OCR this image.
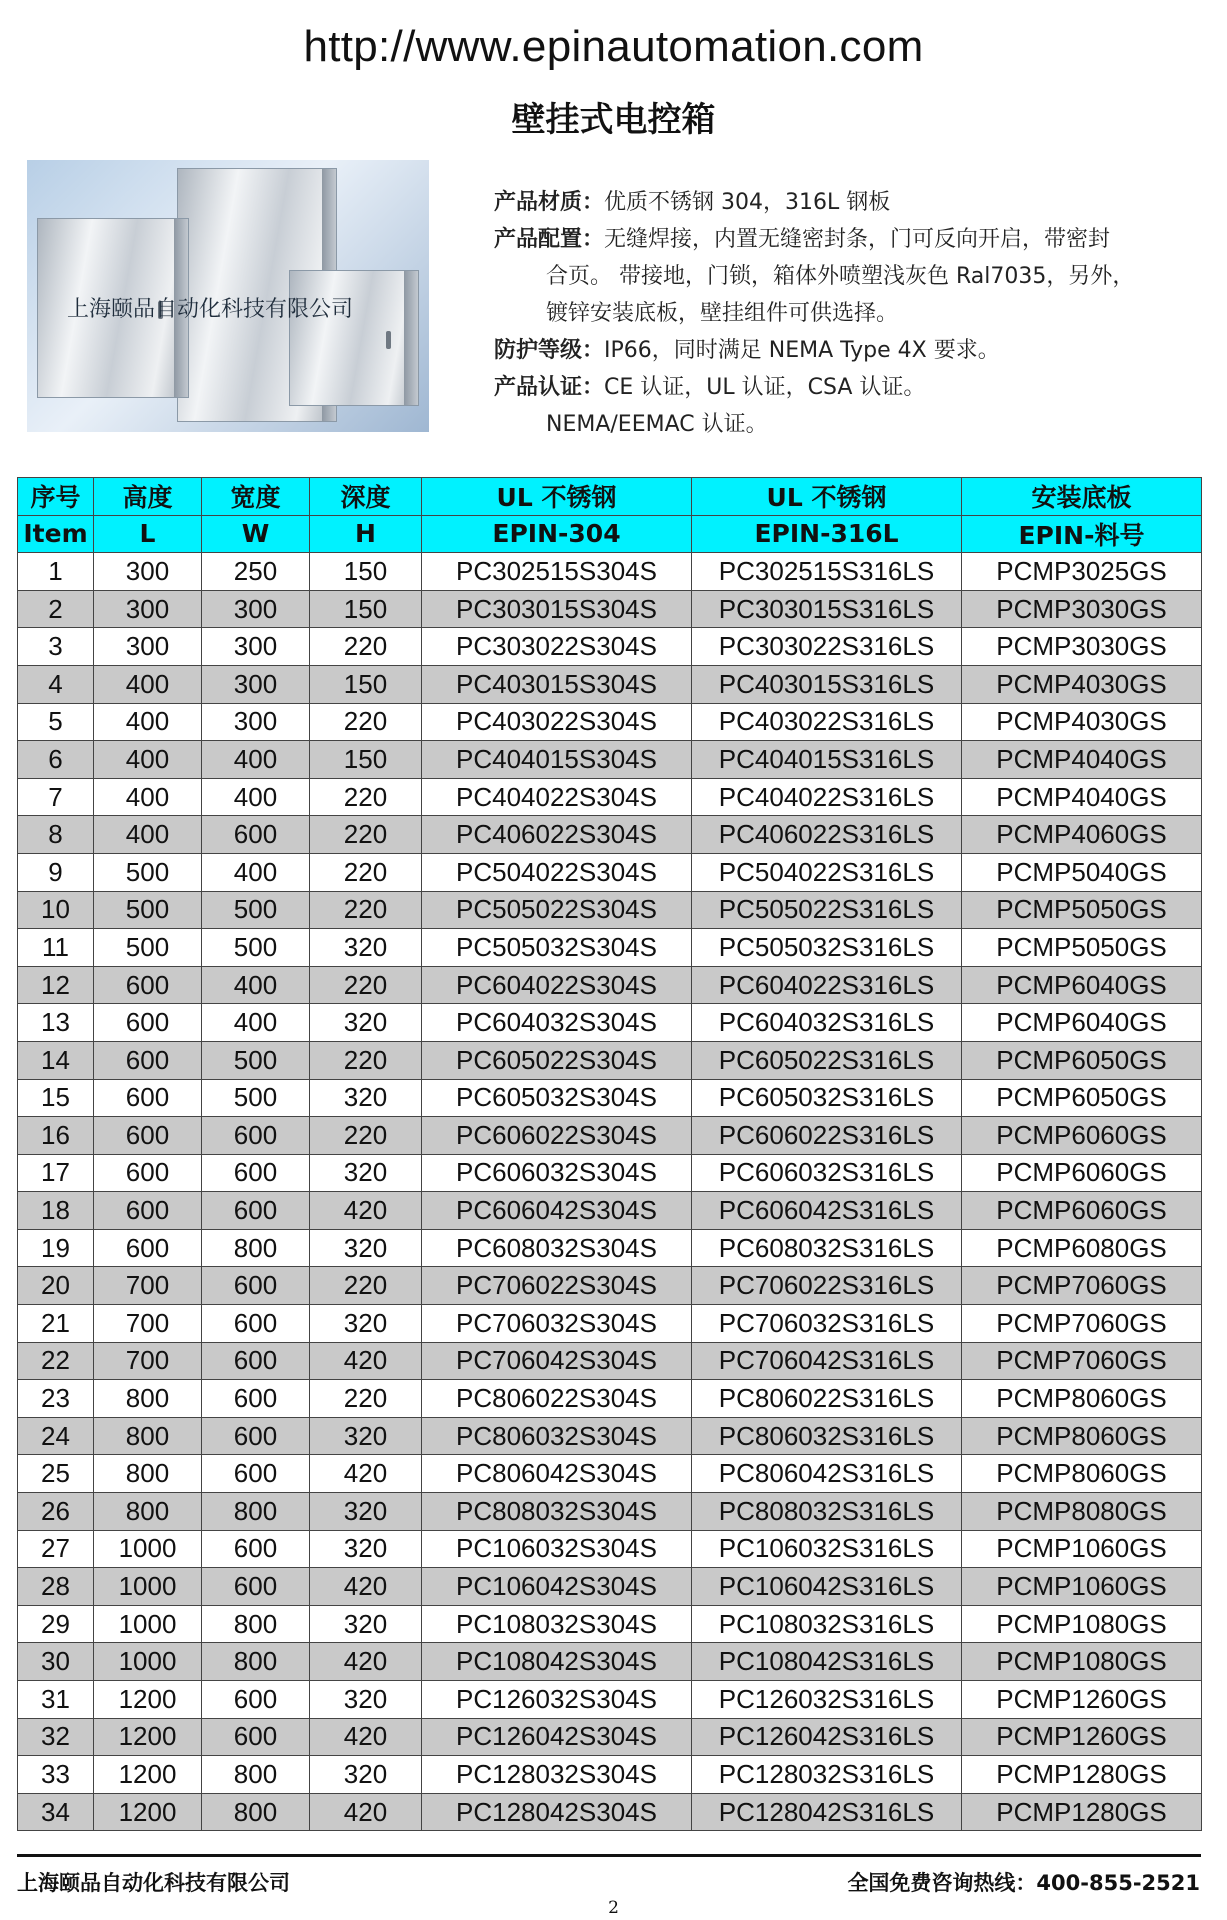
http://www.epinautomation.com
壁挂式电控箱
上海颐品自动化科技有限公司
产品材质：优质不锈钢 304，316L 钢板
产品配置：无缝焊接，内置无缝密封条，门可反向开启，带密封
合页。 带接地，门锁，箱体外喷塑浅灰色 Ral7035，另外，
镀锌安装底板，壁挂组件可供选择。
防护等级：IP66，同时满足 NEMA Type 4X 要求。
产品认证：CE 认证，UL 认证，CSA 认证。
NEMA/EEMAC 认证。
序号	高度	宽度	深度	UL 不锈钢	UL 不锈钢	安装底板
Item	L	W	H	EPIN-304	EPIN-316L	EPIN-料号
1	300	250	150	PC302515S304S	PC302515S316LS	PCMP3025GS
2	300	300	150	PC303015S304S	PC303015S316LS	PCMP3030GS
3	300	300	220	PC303022S304S	PC303022S316LS	PCMP3030GS
4	400	300	150	PC403015S304S	PC403015S316LS	PCMP4030GS
5	400	300	220	PC403022S304S	PC403022S316LS	PCMP4030GS
6	400	400	150	PC404015S304S	PC404015S316LS	PCMP4040GS
7	400	400	220	PC404022S304S	PC404022S316LS	PCMP4040GS
8	400	600	220	PC406022S304S	PC406022S316LS	PCMP4060GS
9	500	400	220	PC504022S304S	PC504022S316LS	PCMP5040GS
10	500	500	220	PC505022S304S	PC505022S316LS	PCMP5050GS
11	500	500	320	PC505032S304S	PC505032S316LS	PCMP5050GS
12	600	400	220	PC604022S304S	PC604022S316LS	PCMP6040GS
13	600	400	320	PC604032S304S	PC604032S316LS	PCMP6040GS
14	600	500	220	PC605022S304S	PC605022S316LS	PCMP6050GS
15	600	500	320	PC605032S304S	PC605032S316LS	PCMP6050GS
16	600	600	220	PC606022S304S	PC606022S316LS	PCMP6060GS
17	600	600	320	PC606032S304S	PC606032S316LS	PCMP6060GS
18	600	600	420	PC606042S304S	PC606042S316LS	PCMP6060GS
19	600	800	320	PC608032S304S	PC608032S316LS	PCMP6080GS
20	700	600	220	PC706022S304S	PC706022S316LS	PCMP7060GS
21	700	600	320	PC706032S304S	PC706032S316LS	PCMP7060GS
22	700	600	420	PC706042S304S	PC706042S316LS	PCMP7060GS
23	800	600	220	PC806022S304S	PC806022S316LS	PCMP8060GS
24	800	600	320	PC806032S304S	PC806032S316LS	PCMP8060GS
25	800	600	420	PC806042S304S	PC806042S316LS	PCMP8060GS
26	800	800	320	PC808032S304S	PC808032S316LS	PCMP8080GS
27	1000	600	320	PC106032S304S	PC106032S316LS	PCMP1060GS
28	1000	600	420	PC106042S304S	PC106042S316LS	PCMP1060GS
29	1000	800	320	PC108032S304S	PC108032S316LS	PCMP1080GS
30	1000	800	420	PC108042S304S	PC108042S316LS	PCMP1080GS
31	1200	600	320	PC126032S304S	PC126032S316LS	PCMP1260GS
32	1200	600	420	PC126042S304S	PC126042S316LS	PCMP1260GS
33	1200	800	320	PC128032S304S	PC128032S316LS	PCMP1280GS
34	1200	800	420	PC128042S304S	PC128042S316LS	PCMP1280GS
上海颐品自动化科技有限公司	全国免费咨询热线：400-855-2521
2
